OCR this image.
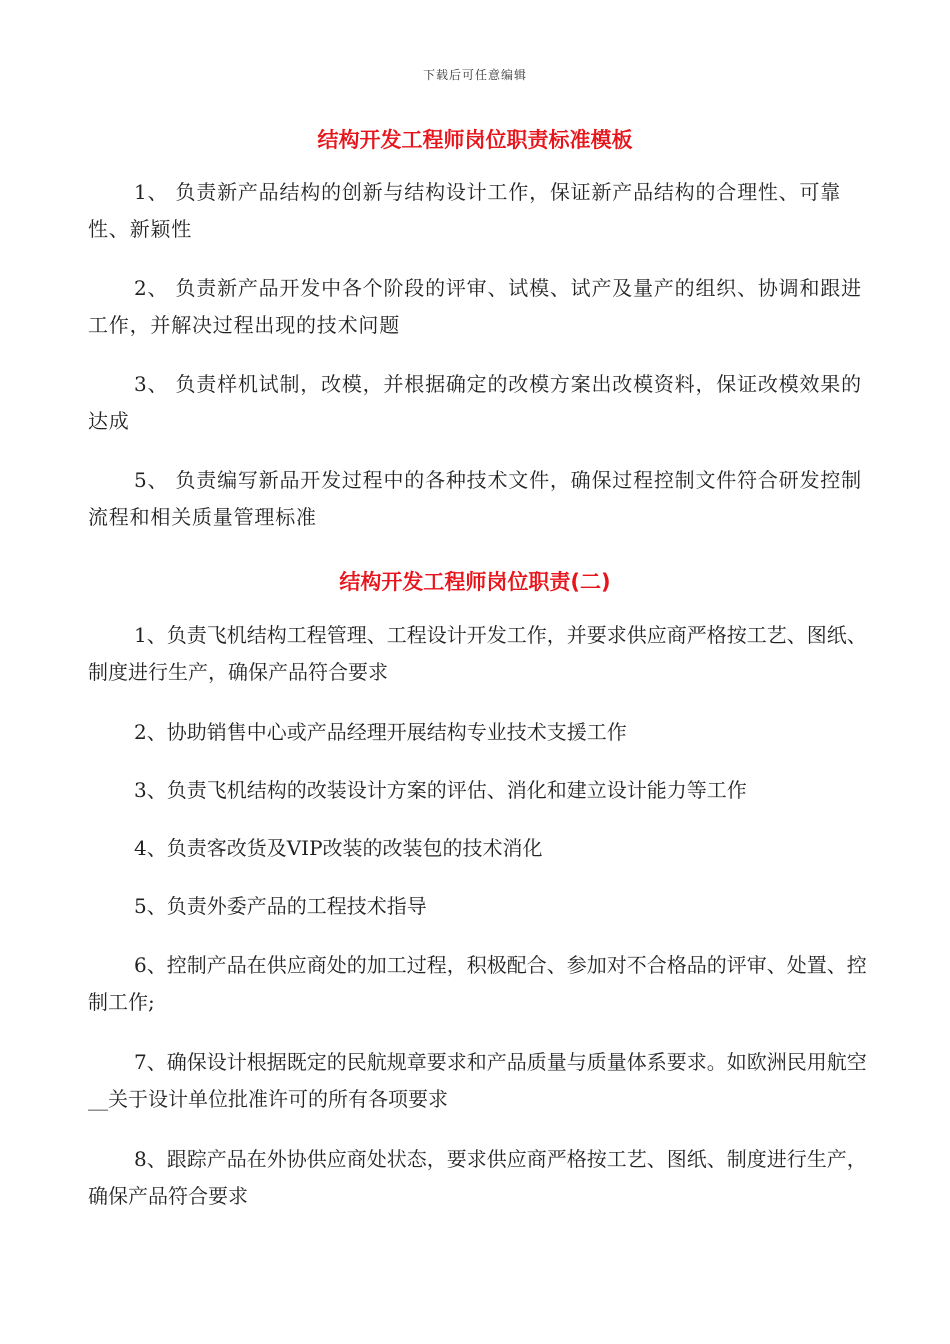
下载后可任意编辑
结构开发工程师岗位职责标准模板

1、 负责新产品结构的创新与结构设计工作，保证新产品结构的合理性、可靠性、新颖性

2、 负责新产品开发中各个阶段的评审、试模、试产及量产的组织、协调和跟进工作，并解决过程出现的技术问题

3、 负责样机试制，改模，并根据确定的改模方案出改模资料，保证改模效果的达成

5、 负责编写新品开发过程中的各种技术文件，确保过程控制文件符合研发控制流程和相关质量管理标准

结构开发工程师岗位职责(二)

1、负责飞机结构工程管理、工程设计开发工作，并要求供应商严格按工艺、图纸、制度进行生产，确保产品符合要求

2、协助销售中心或产品经理开展结构专业技术支援工作

3、负责飞机结构的改装设计方案的评估、消化和建立设计能力等工作

4、负责客改货及VIP改装的改装包的技术消化

5、负责外委产品的工程技术指导

6、控制产品在供应商处的加工过程，积极配合、参加对不合格品的评审、处置、控制工作;

7、确保设计根据既定的民航规章要求和产品质量与质量体系要求。如欧洲民用航空__关于设计单位批准许可的所有各项要求

8、跟踪产品在外协供应商处状态，要求供应商严格按工艺、图纸、制度进行生产，确保产品符合要求
